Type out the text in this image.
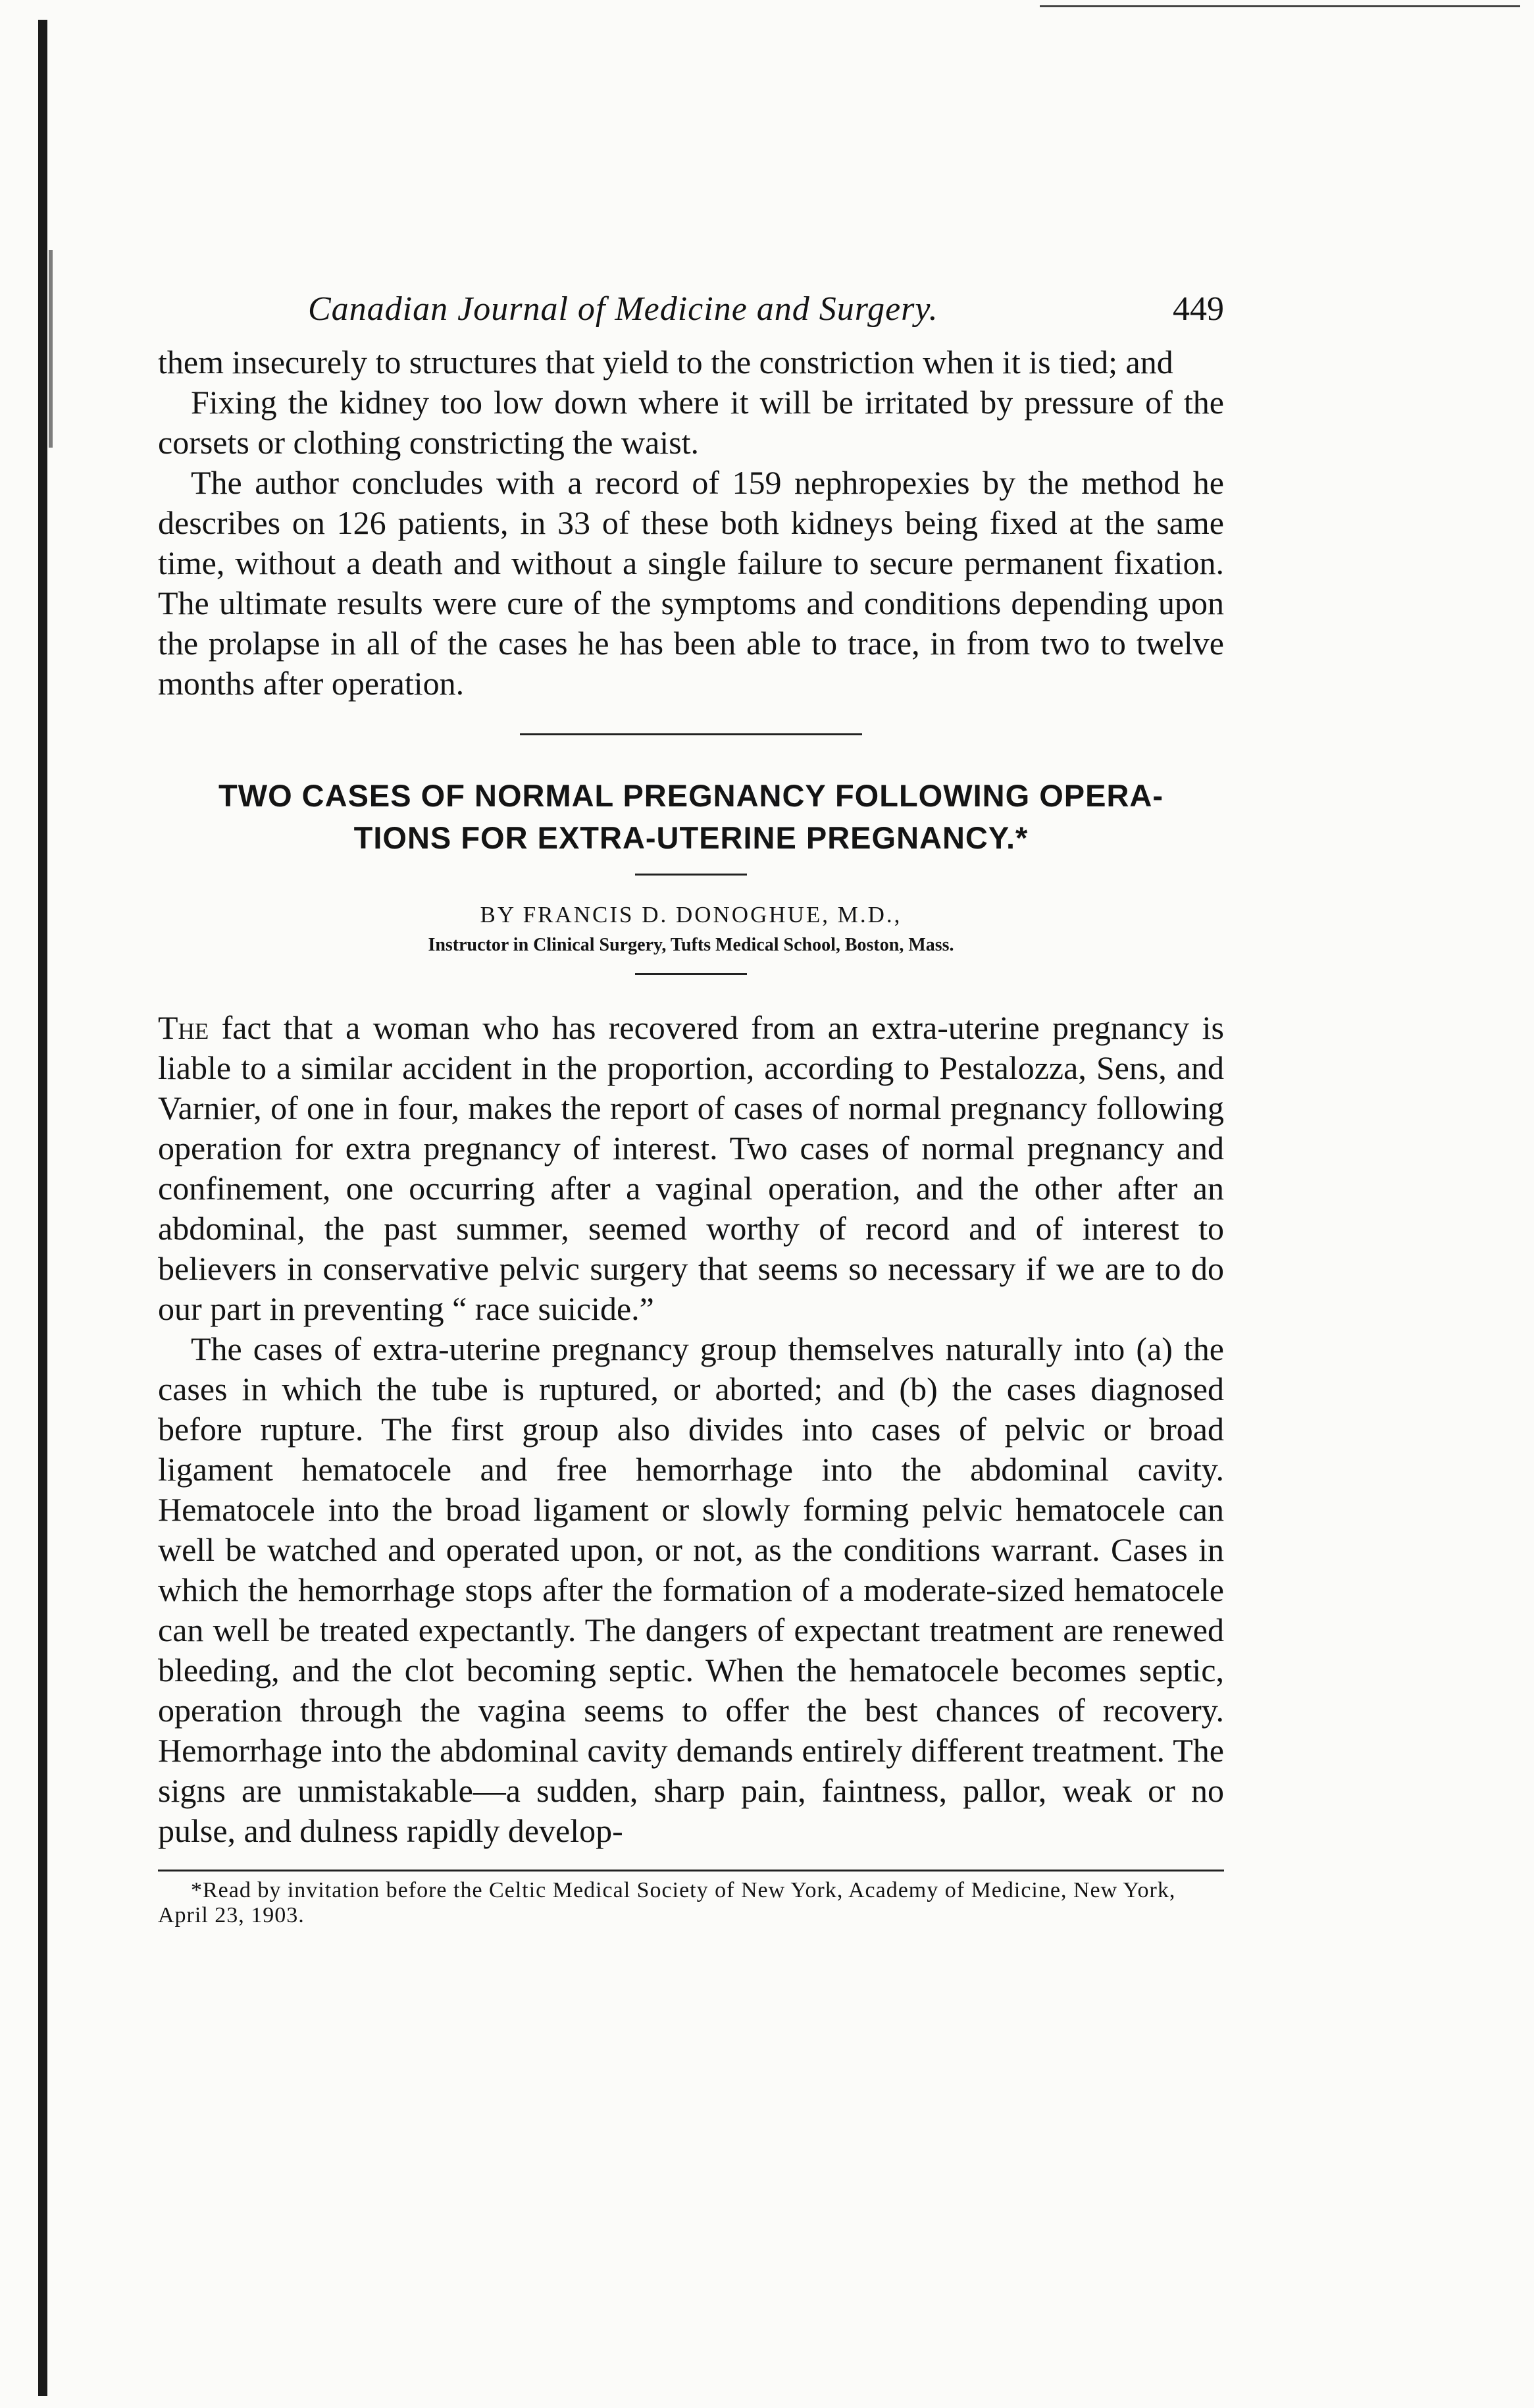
Canadian Journal of Medicine and Surgery.	449

them insecurely to structures that yield to the constriction when it is tied; and

Fixing the kidney too low down where it will be irritated by pressure of the corsets or clothing constricting the waist.

The author concludes with a record of 159 nephropexies by the method he describes on 126 patients, in 33 of these both kidneys being fixed at the same time, without a death and without a single failure to secure permanent fixation. The ultimate results were cure of the symptoms and conditions depending upon the prolapse in all of the cases he has been able to trace, in from two to twelve months after operation.

TWO CASES OF NORMAL PREGNANCY FOLLOWING OPERA-
TIONS FOR EXTRA-UTERINE PREGNANCY.*
BY FRANCIS D. DONOGHUE, M.D.,
Instructor in Clinical Surgery, Tufts Medical School, Boston, Mass.

The fact that a woman who has recovered from an extra-uterine pregnancy is liable to a similar accident in the proportion, according to Pestalozza, Sens, and Varnier, of one in four, makes the report of cases of normal pregnancy following operation for extra pregnancy of interest. Two cases of normal pregnancy and confinement, one occurring after a vaginal operation, and the other after an abdominal, the past summer, seemed worthy of record and of interest to believers in conservative pelvic surgery that seems so necessary if we are to do our part in preventing “ race suicide.”

The cases of extra-uterine pregnancy group themselves naturally into (a) the cases in which the tube is ruptured, or aborted; and (b) the cases diagnosed before rupture. The first group also divides into cases of pelvic or broad ligament hematocele and free hemorrhage into the abdominal cavity. Hematocele into the broad ligament or slowly forming pelvic hematocele can well be watched and operated upon, or not, as the conditions warrant. Cases in which the hemorrhage stops after the formation of a moderate-sized hematocele can well be treated expectantly. The dangers of expectant treatment are renewed bleeding, and the clot becoming septic. When the hematocele becomes septic, operation through the vagina seems to offer the best chances of recovery. Hemorrhage into the abdominal cavity demands entirely different treatment. The signs are unmistakable—a sudden, sharp pain, faintness, pallor, weak or no pulse, and dulness rapidly develop-

*Read by invitation before the Celtic Medical Society of New York, Academy of Medicine, New York, April 23, 1903.
